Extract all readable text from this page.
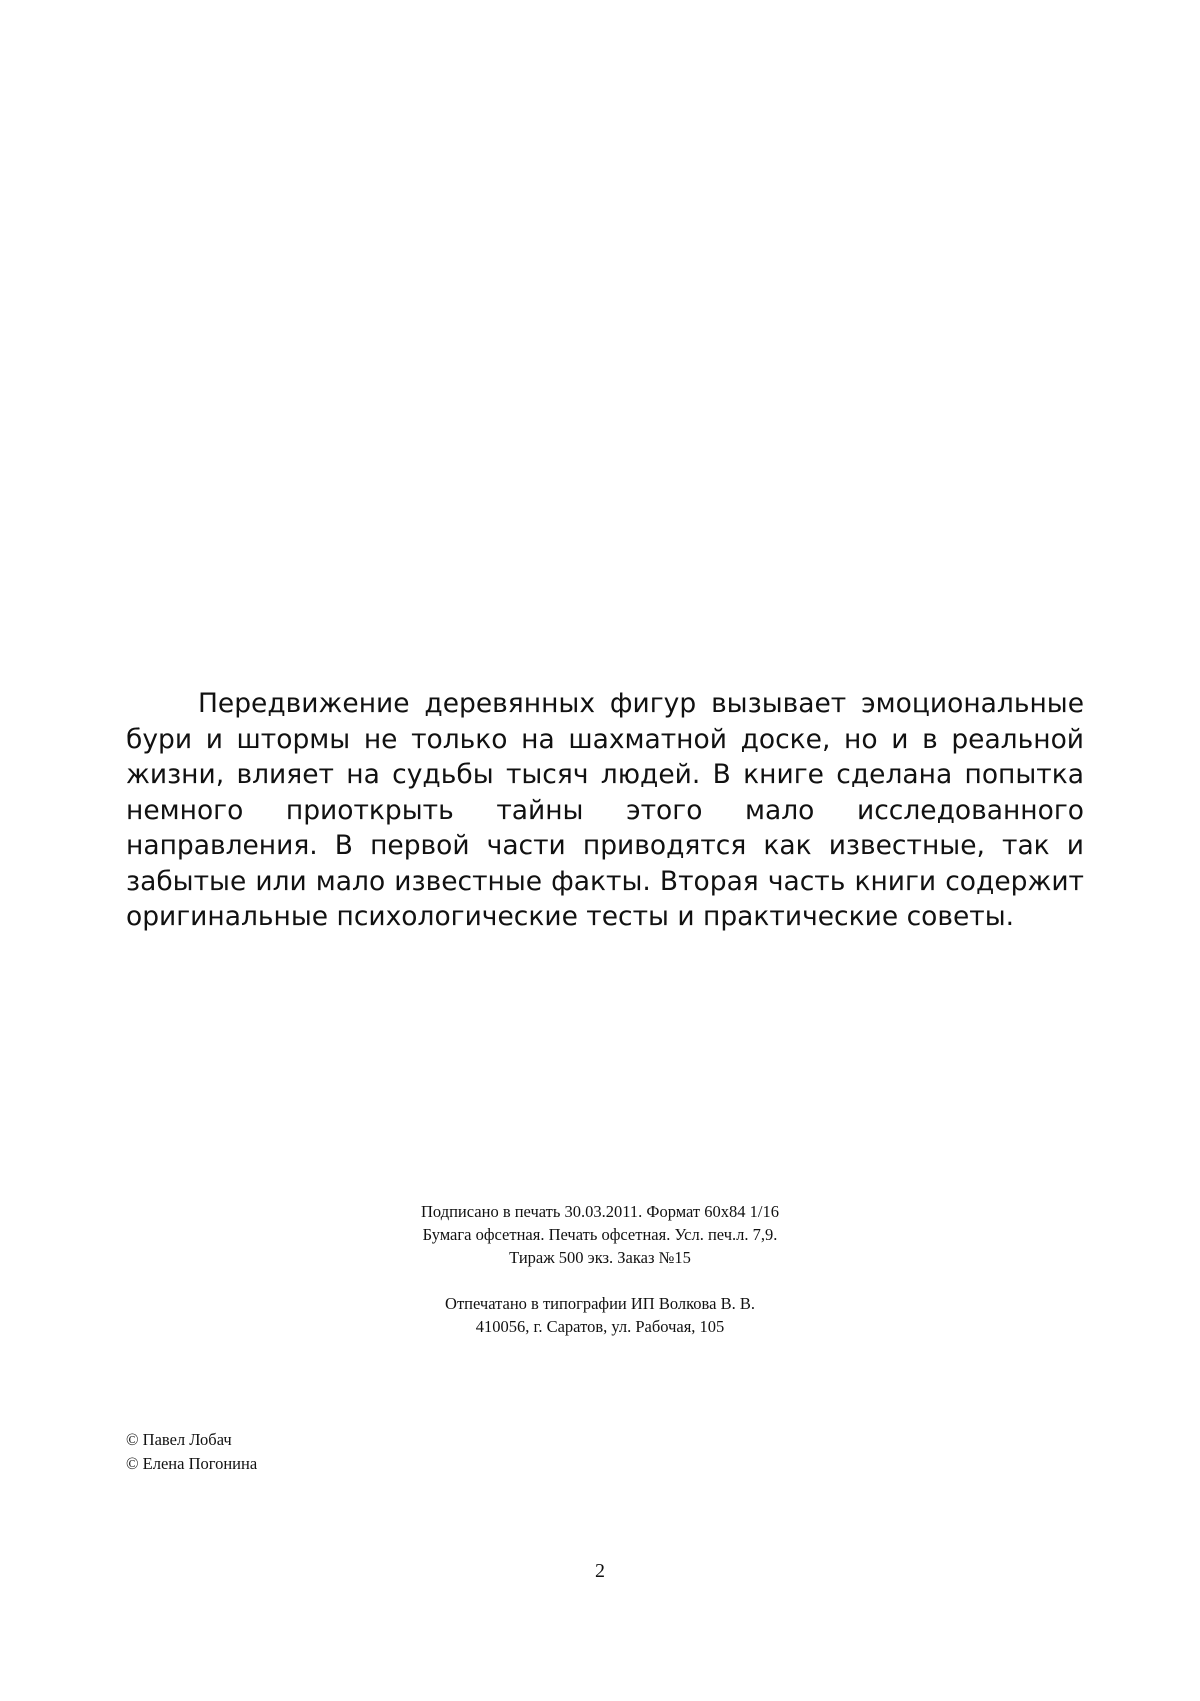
Передвижение деревянных фигур вызывает эмоциональные бури и штормы не только на шахматной доске, но и в реальной жизни, влияет на судьбы тысяч людей. В книге сделана попытка немного приоткрыть тайны этого мало исследованного направления. В первой части приводятся как известные, так и забытые или мало известные факты. Вторая часть книги содержит оригинальные психологические тесты и практические советы.

Подписано в печать 30.03.2011. Формат 60х84 1/16
Бумага офсетная. Печать офсетная. Усл. печ.л. 7,9.
Тираж 500 экз. Заказ №15
Отпечатано в типографии ИП Волкова В. В.
410056, г. Саратов, ул. Рабочая, 105
© Павел Лобач
© Елена Погонина
2
